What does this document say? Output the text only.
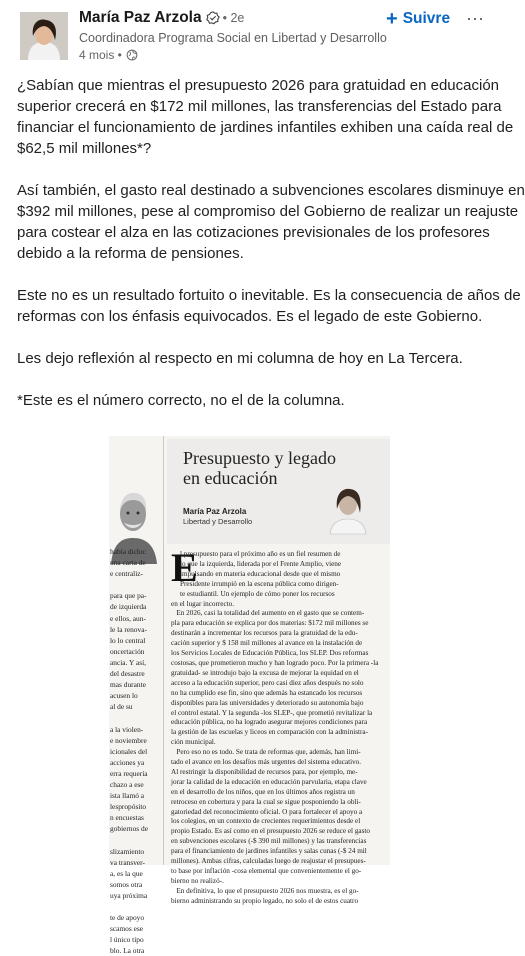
María Paz Arzola • 2e
Coordinadora Programa Social en Libertad y Desarrollo
4 mois •
+ Suivre ···
¿Sabían que mientras el presupuesto 2026 para gratuidad en educación
superior crecerá en $172 mil millones, las transferencias del Estado para
financiar el funcionamiento de jardines infantiles exhiben una caída real de
$62,5 mil millones*?
Así también, el gasto real destinado a subvenciones escolares disminuye en
$392 mil millones, pese al compromiso del Gobierno de realizar un reajuste
para costear el alza en las cotizaciones previsionales de los profesores
debido a la reforma de pensiones.
Este no es un resultado fortuito o inevitable. Es la consecuencia de años de
reformas con los énfasis equivocados. Es el legado de este Gobierno.
Les dejo reflexión al respecto en mi columna de hoy en La Tercera.
*Este es el número correcto, no el de la columna.
habia dicho:
una carta de
e centraliz-

para que pa-
de izquierda
e ellos, aun-
le la renova-
lo lo central
oncertación
ancia. Y así,
del desastre
mas durante
acusen lo
al de su

a la violen-
e noviembre
icionales del
acciones ya
erra requería
chazo a ese
ista llamó a
lespropósito
n encuestas
gobiernos de

slizamiento
va transver-
a, es la que
somos otra
uya próxima

te de apoyo
scamos ese
l único tipo
blo. La otra
Presupuesto y legado
en educación
María Paz Arzola
Libertad y Desarrollo
E
l presupuesto para el próximo año es un fiel resumen de
lo que la izquierda, liderada por el Frente Amplio, viene
impulsando en materia educacional desde que el mismo
Presidente irrumpió en la escena pública como dirigen-
te estudiantil. Un ejemplo de cómo poner los recursos
en el lugar incorrecto.
En 2026, casi la totalidad del aumento en el gasto que se contem-
pla para educación se explica por dos materias: $172 mil millones se
destinarán a incrementar los recursos para la gratuidad de la edu-
cación superior y $ 158 mil millones al avance en la instalación de
los Servicios Locales de Educación Pública, los SLEP. Dos reformas
costosas, que prometieron mucho y han logrado poco. Por la primera -la
gratuidad- se introdujo bajo la excusa de mejorar la equidad en el
acceso a la educación superior, pero casi diez años después no solo
no ha cumplido ese fin, sino que además ha estancado los recursos
disponibles para las universidades y deteriorado su autonomía bajo
el control estatal. Y la segunda -los SLEP-, que prometió revitalizar la
educación pública, no ha logrado asegurar mejores condiciones para
la gestión de las escuelas y liceos en comparación con la administra-
ción municipal.
Pero eso no es todo. Se trata de reformas que, además, han limi-
tado el avance en los desafíos más urgentes del sistema educativo.
Al restringir la disponibilidad de recursos para, por ejemplo, me-
jorar la calidad de la educación en educación parvularia, etapa clave
en el desarrollo de los niños, que en los últimos años registra un
retroceso en cobertura y para la cual se sigue posponiendo la obli-
gatoriedad del reconocimiento oficial. O para fortalecer el apoyo a
los colegios, en un contexto de crecientes requerimientos desde el
propio Estado. Es así como en el presupuesto 2026 se reduce el gasto
en subvenciones escolares (-$ 390 mil millones) y las transferencias
para el financiamiento de jardines infantiles y salas cunas (-$ 24 mil
millones). Ambas cifras, calculadas luego de reajustar el presupues-
to base por inflación -cosa elemental que convenientemente el go-
bierno no realizó-.
En definitiva, lo que el presupuesto 2026 nos muestra, es el go-
bierno administrando su propio legado, no solo el de estos cuatro
